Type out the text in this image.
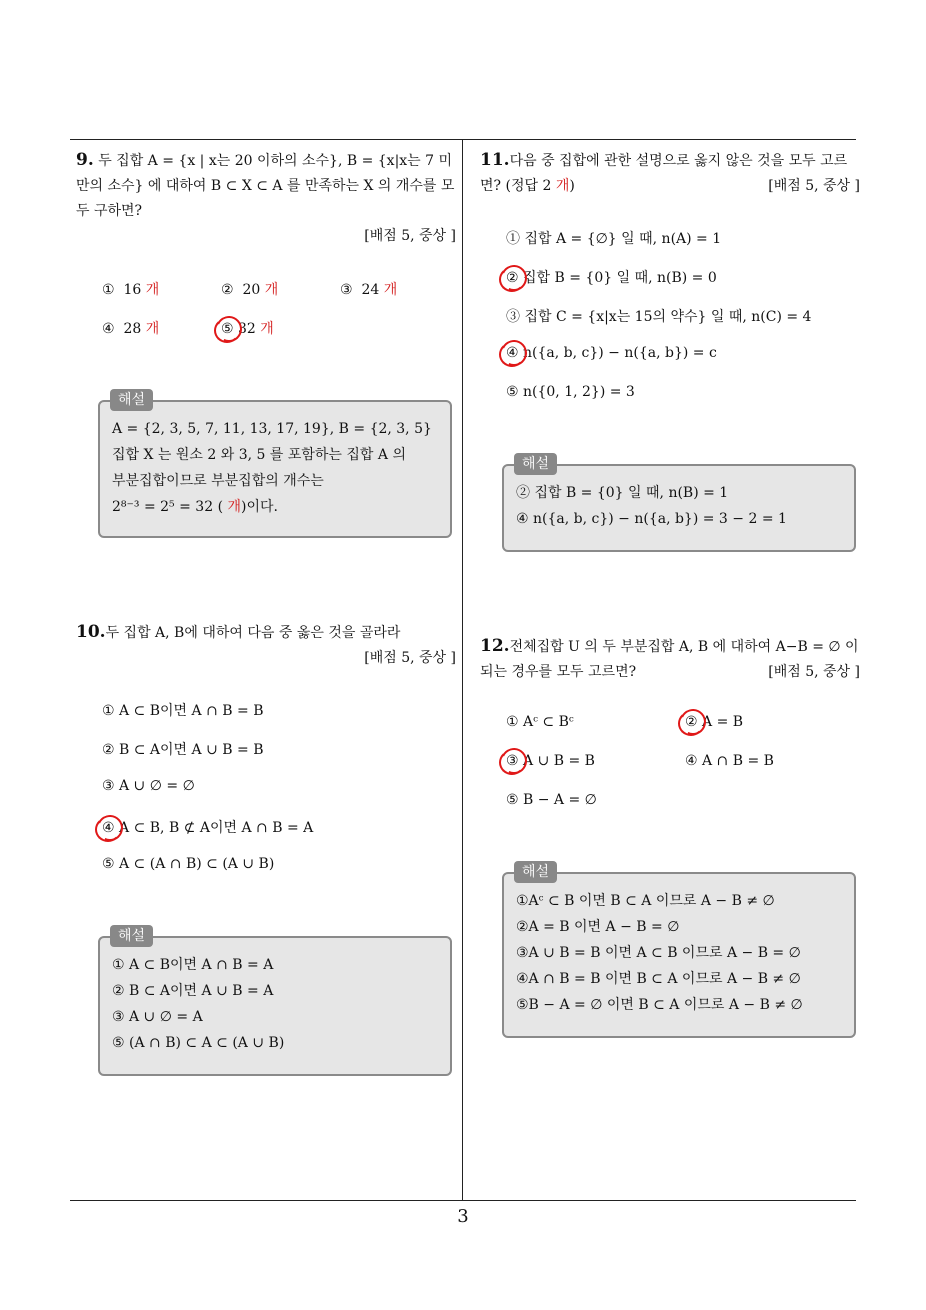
9. 두 집합 A = {x | x는 20 이하의 소수}, B = {x|x는 7 미만의 소수} 에 대하여 B ⊂ X ⊂ A 를 만족하는 X 의 개수를 모두 구하면?
[배점 5, 중상 ]
① 16 개	② 20 개	③ 24 개
④ 28 개	⑤ 32 개
해설
A = {2, 3, 5, 7, 11, 13, 17, 19}, B = {2, 3, 5}
집합 X 는 원소 2 와 3, 5 를 포함하는 집합 A 의
부분집합이므로 부분집합의 개수는
2⁸⁻³ = 2⁵ = 32 ( 개)이다.
10.두 집합 A, B에 대하여 다음 중 옳은 것을 골라라
[배점 5, 중상 ]
① A ⊂ B이면 A ∩ B = B
② B ⊂ A이면 A ∪ B = B
③ A ∪ ∅ = ∅
④ A ⊂ B, B ⊄ A이면 A ∩ B = A
⑤ A ⊂ (A ∩ B) ⊂ (A ∪ B)
해설
① A ⊂ B이면 A ∩ B = A
② B ⊂ A이면 A ∪ B = A
③ A ∪ ∅ = A
⑤ (A ∩ B) ⊂ A ⊂ (A ∪ B)
11.다음 중 집합에 관한 설명으로 옳지 않은 것을 모두 고르면? (정답 2 개)	[배점 5, 중상 ]
① 집합 A = {∅} 일 때, n(A) = 1
② 집합 B = {0} 일 때, n(B) = 0
③ 집합 C = {x|x는 15의 약수} 일 때, n(C) = 4
④ n({a, b, c}) − n({a, b}) = c
⑤ n({0, 1, 2}) = 3
해설
② 집합 B = {0} 일 때, n(B) = 1
④ n({a, b, c}) − n({a, b}) = 3 − 2 = 1
12.전체집합 U 의 두 부분집합 A, B 에 대하여 A−B = ∅ 이 되는 경우를 모두 고르면?	[배점 5, 중상 ]
① Aᶜ ⊂ Bᶜ	② A = B
③ A ∪ B = B	④ A ∩ B = B
⑤ B − A = ∅
해설
①Aᶜ ⊂ B 이면 B ⊂ A 이므로 A − B ≠ ∅
②A = B 이면 A − B = ∅
③A ∪ B = B 이면 A ⊂ B 이므로 A − B = ∅
④A ∩ B = B 이면 B ⊂ A 이므로 A − B ≠ ∅
⑤B − A = ∅ 이면 B ⊂ A 이므로 A − B ≠ ∅
3
